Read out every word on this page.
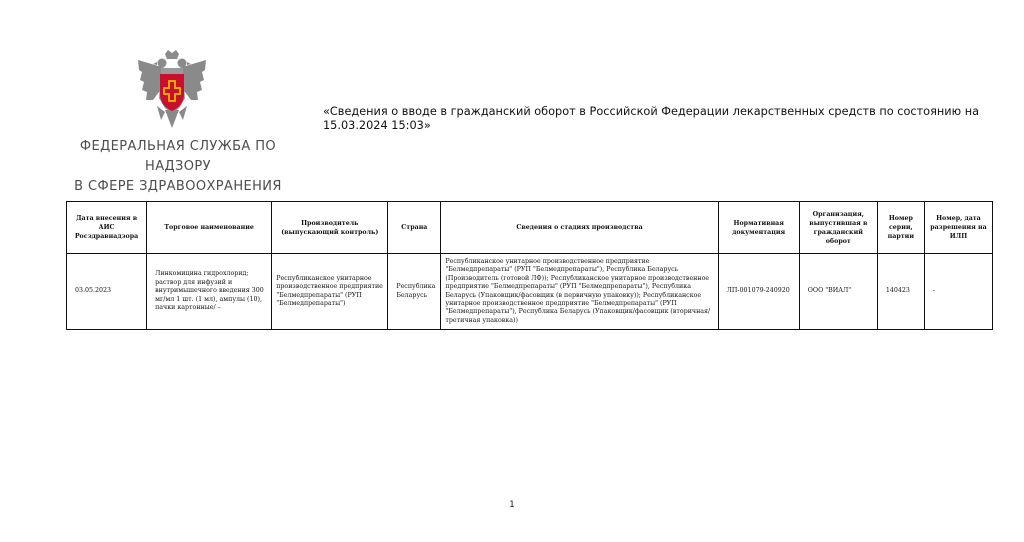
ФЕДЕРАЛЬНАЯ СЛУЖБА ПО НАДЗОРУ
В СФЕРЕ ЗДРАВООХРАНЕНИЯ
«Сведения о вводе в гражданский оборот в Российской Федерации лекарственных средств по состоянию на 15.03.2024 15:03»
Дата внесения в АИС Росздравнадзора	Торговое наименование	Производитель (выпускающий контроль)	Страна	Сведения о стадиях производства	Нормативная документация	Организация, выпустившая в гражданский оборот	Номер серии, партии	Номер, дата разрешения на ИЛП
03.05.2023	Линкомицина гидрохлорид; раствор для инфузий и внутримышечного введения 300 мг/мл 1 шт. (1 мл), ампулы (10), пачки картонные/ –	Республиканское унитарное производственное предприятие "Белмедпрепараты" (РУП "Белмедпрепараты")	Республика Беларусь	Республиканское унитарное производственное предприятие "Белмедпрепараты" (РУП "Белмедпрепараты"), Республика Беларусь (Производитель (готовой ЛФ)); Республиканское унитарное производственное предприятие "Белмедпрепараты" (РУП "Белмедпрепараты"), Республика Беларусь (Упаковщик/фасовщик (в первичную упаковку)); Республиканское унитарное производственное предприятие "Белмедпрепараты" (РУП "Белмедпрепараты"), Республика Беларусь (Упаковщик/фасовщик (вторичная/третичная упаковка))	ЛП-001079-240920	ООО "ВИАЛ"	140423	-
1
